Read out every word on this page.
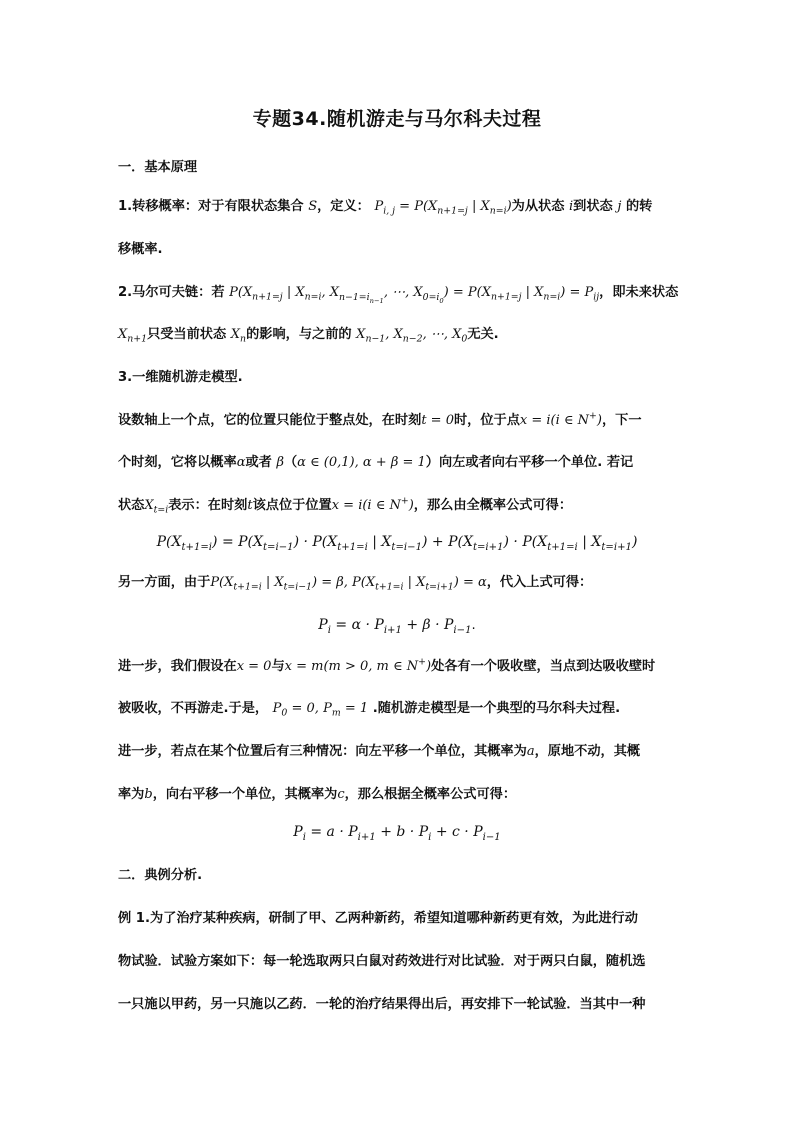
专题34.随机游走与马尔科夫过程
一．基本原理
1.转移概率：对于有限状态集合 S，定义： $P_{i, j} = P(X_{n+1=j}$ | $X_{n=i}$)为从状态 i到状态 j 的转
移概率.
2.马尔可夫链：若 $P(X_{n+1=j}$ | $X_{n=i}$, $X_{n-1=i_{n-1}}$, ⋯, $X_{0=i_0}) = P(X_{n+1=j}$ | $X_{n=i}) = P_{ij}$，即未来状态
$X_{n+1}$只受当前状态 $X_n$的影响，与之前的 $X_{n-1}$, $X_{n-2}$, ⋯, $X_0$无关.
3.一维随机游走模型.
设数轴上一个点，它的位置只能位于整点处，在时刻t = 0时，位于点x = i(i ∈ N+)，下一
个时刻，它将以概率α或者 β（α ∈ (0,1), α + β = 1）向左或者向右平移一个单位. 若记
状态$X_{t=i}$表示：在时刻t该点位于位置x = i(i ∈ N+)，那么由全概率公式可得：
$P(X_{t+1=i}) = P(X_{t=i-1}) \cdot P(X_{t+1=i}$ | $X_{t=i-1}) + P(X_{t=i+1}) \cdot P(X_{t+1=i}$ | $X_{t=i+1}$)
另一方面，由于$P(X_{t+1=i}$ | $X_{t=i-1}) = \beta$, $P(X_{t+1=i}$ | $X_{t=i+1}) = \alpha$，代入上式可得：
$P_i = \alpha \cdot P_{i+1} + \beta \cdot P_{i-1}$.
进一步，我们假设在x = 0与x = m(m > 0, m ∈ N+)处各有一个吸收壁，当点到达吸收壁时
被吸收，不再游走.于是， $P_0 = 0$, $P_m = 1$ .随机游走模型是一个典型的马尔科夫过程.
进一步，若点在某个位置后有三种情况：向左平移一个单位，其概率为a，原地不动，其概
率为b，向右平移一个单位，其概率为c，那么根据全概率公式可得：
$P_i = a \cdot P_{i+1} + b \cdot P_i + c \cdot P_{i-1}$
二．典例分析.
例 1.为了治疗某种疾病，研制了甲、乙两种新药，希望知道哪种新药更有效，为此进行动
物试验．试验方案如下：每一轮选取两只白鼠对药效进行对比试验．对于两只白鼠，随机选
一只施以甲药，另一只施以乙药．一轮的治疗结果得出后，再安排下一轮试验．当其中一种
